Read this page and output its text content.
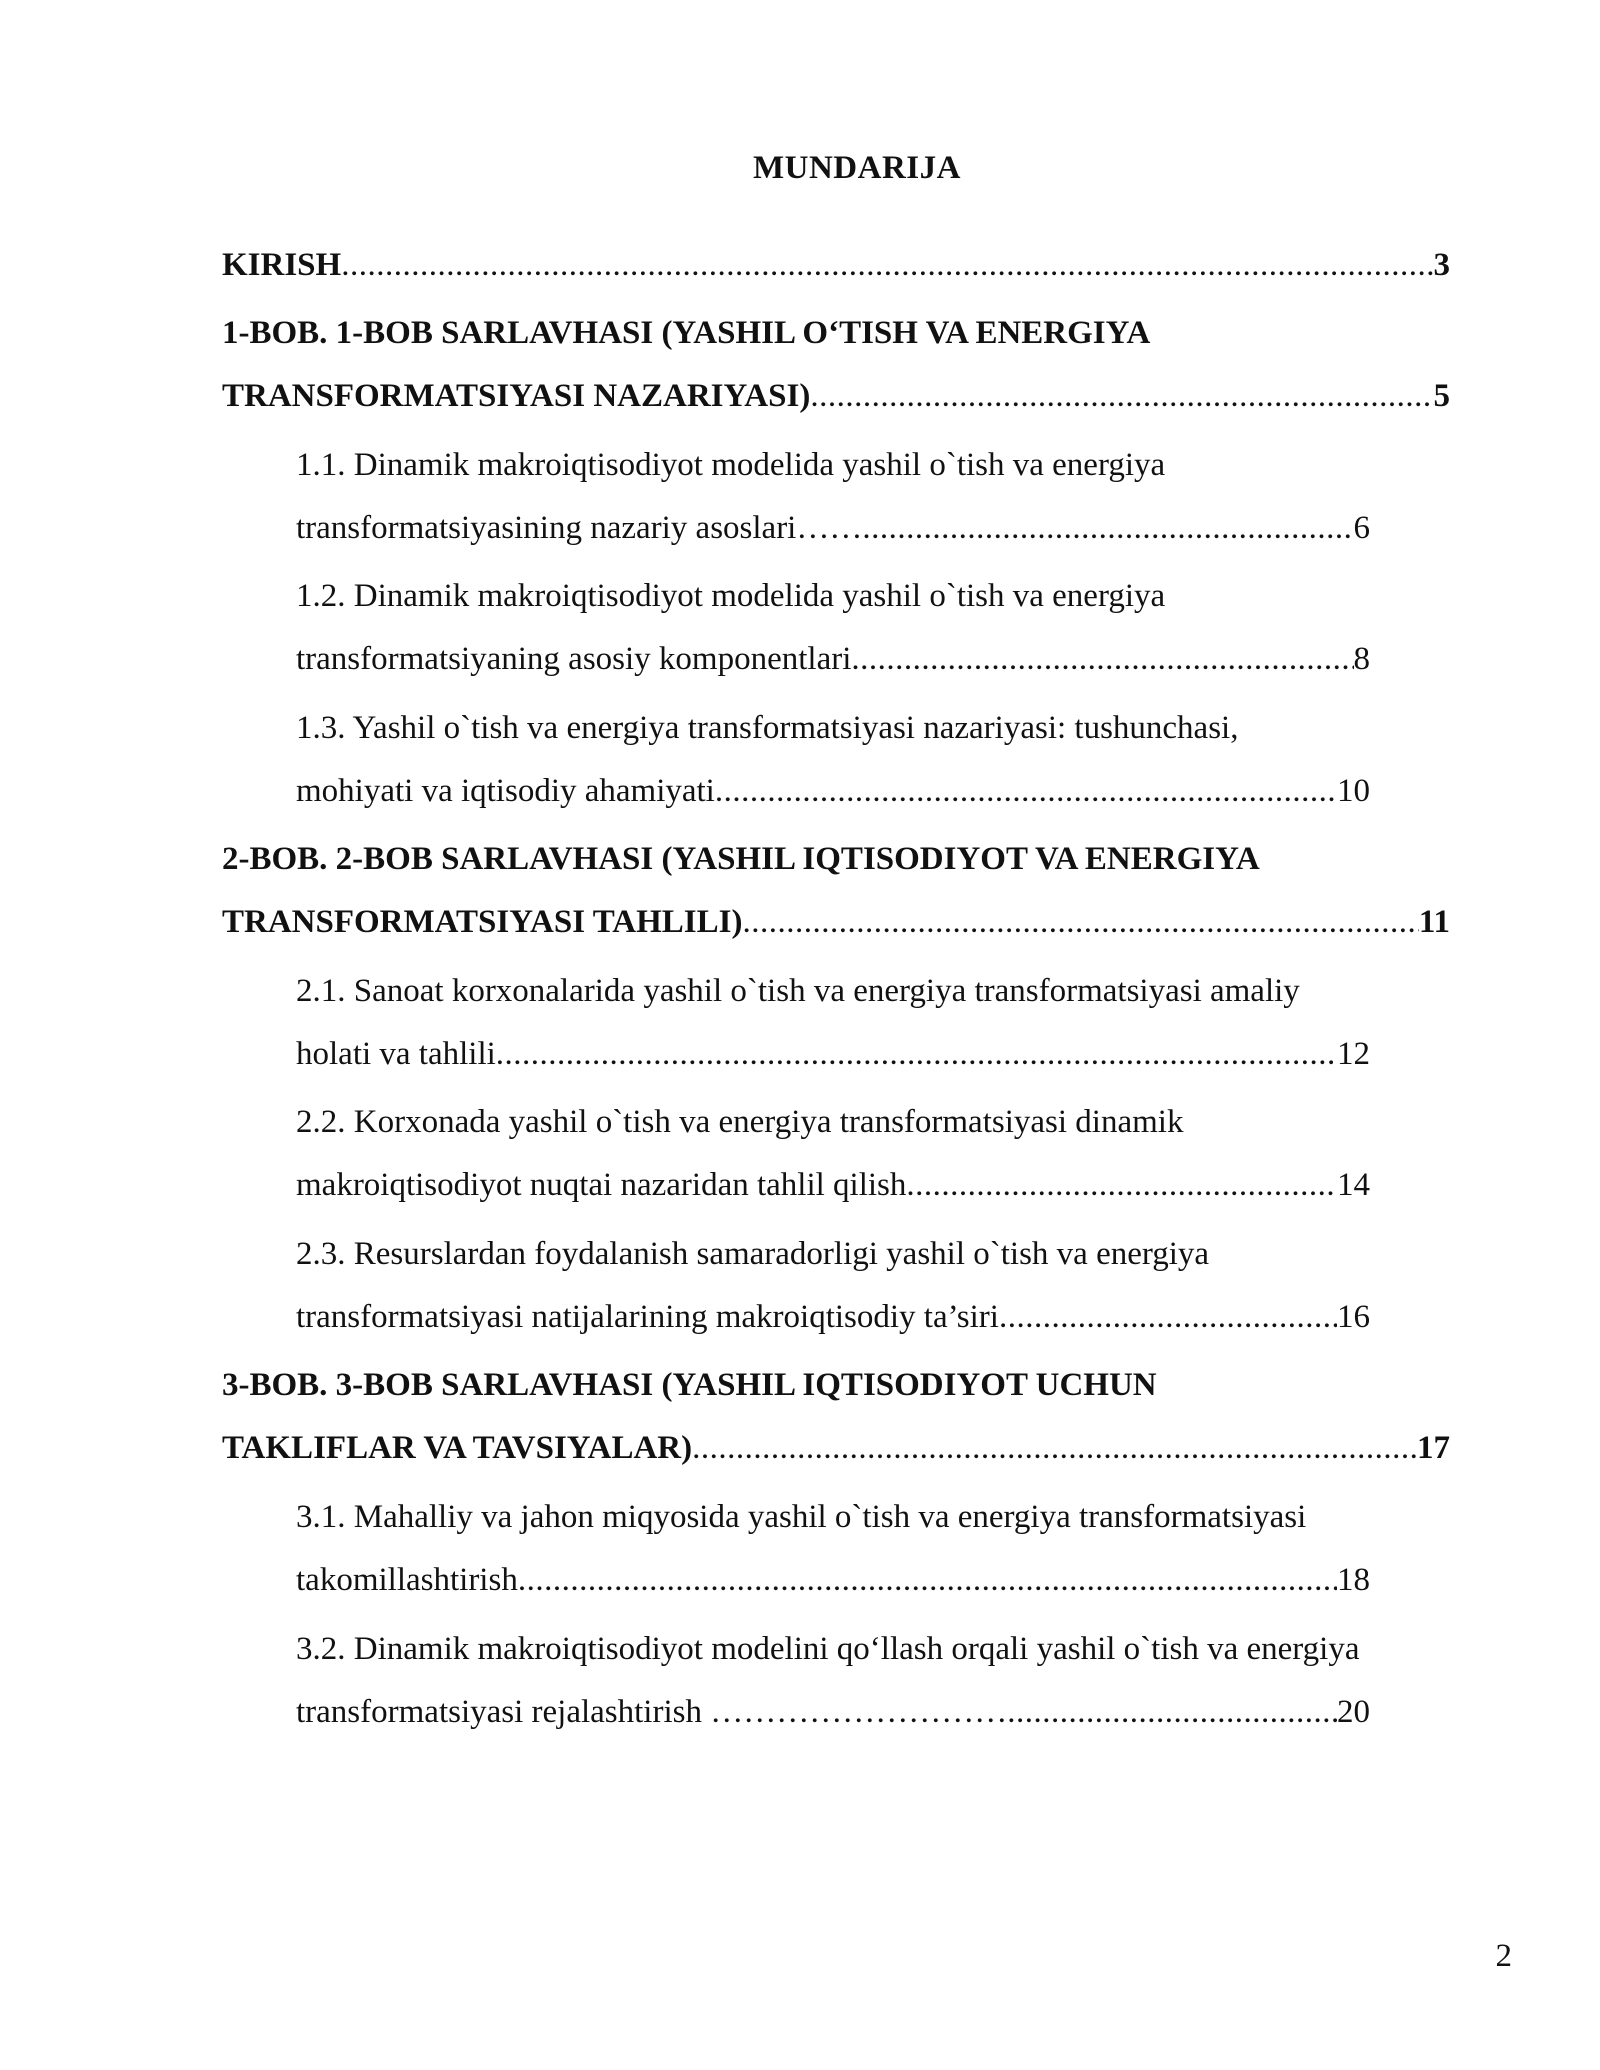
MUNDARIJA
KIRISH .....	3
1-BOB. 1-BOB SARLAVHASI (YASHIL O‘TISH VA ENERGIYA
TRANSFORMATSIYASI NAZARIYASI) .....	5
1.1. Dinamik makroiqtisodiyot modelida yashil o`tish va energiya
transformatsiyasining nazariy asoslari…… .....	6
1.2. Dinamik makroiqtisodiyot modelida yashil o`tish va energiya
transformatsiyaning asosiy komponentlari .....	8
1.3. Yashil o`tish va energiya transformatsiyasi nazariyasi: tushunchasi,
mohiyati va iqtisodiy ahamiyati .....	10
2-BOB. 2-BOB SARLAVHASI (YASHIL IQTISODIYOT VA ENERGIYA
TRANSFORMATSIYASI TAHLILI) .....	11
2.1. Sanoat korxonalarida yashil o`tish va energiya transformatsiyasi amaliy
holati va tahlili .....	12
2.2. Korxonada yashil o`tish va energiya transformatsiyasi dinamik
makroiqtisodiyot nuqtai nazaridan tahlil qilish .....	14
2.3. Resurslardan foydalanish samaradorligi yashil o`tish va energiya
transformatsiyasi natijalarining makroiqtisodiy ta’siri .....	16
3-BOB. 3-BOB SARLAVHASI (YASHIL IQTISODIYOT UCHUN
TAKLIFLAR VA TAVSIYALAR) .....	17
3.1. Mahalliy va jahon miqyosida yashil o`tish va energiya transformatsiyasi
takomillashtirish .....	18
3.2. Dinamik makroiqtisodiyot modelini qo‘llash orqali yashil o`tish va energiya
transformatsiyasi rejalashtirish ……………………… .....	20
2
